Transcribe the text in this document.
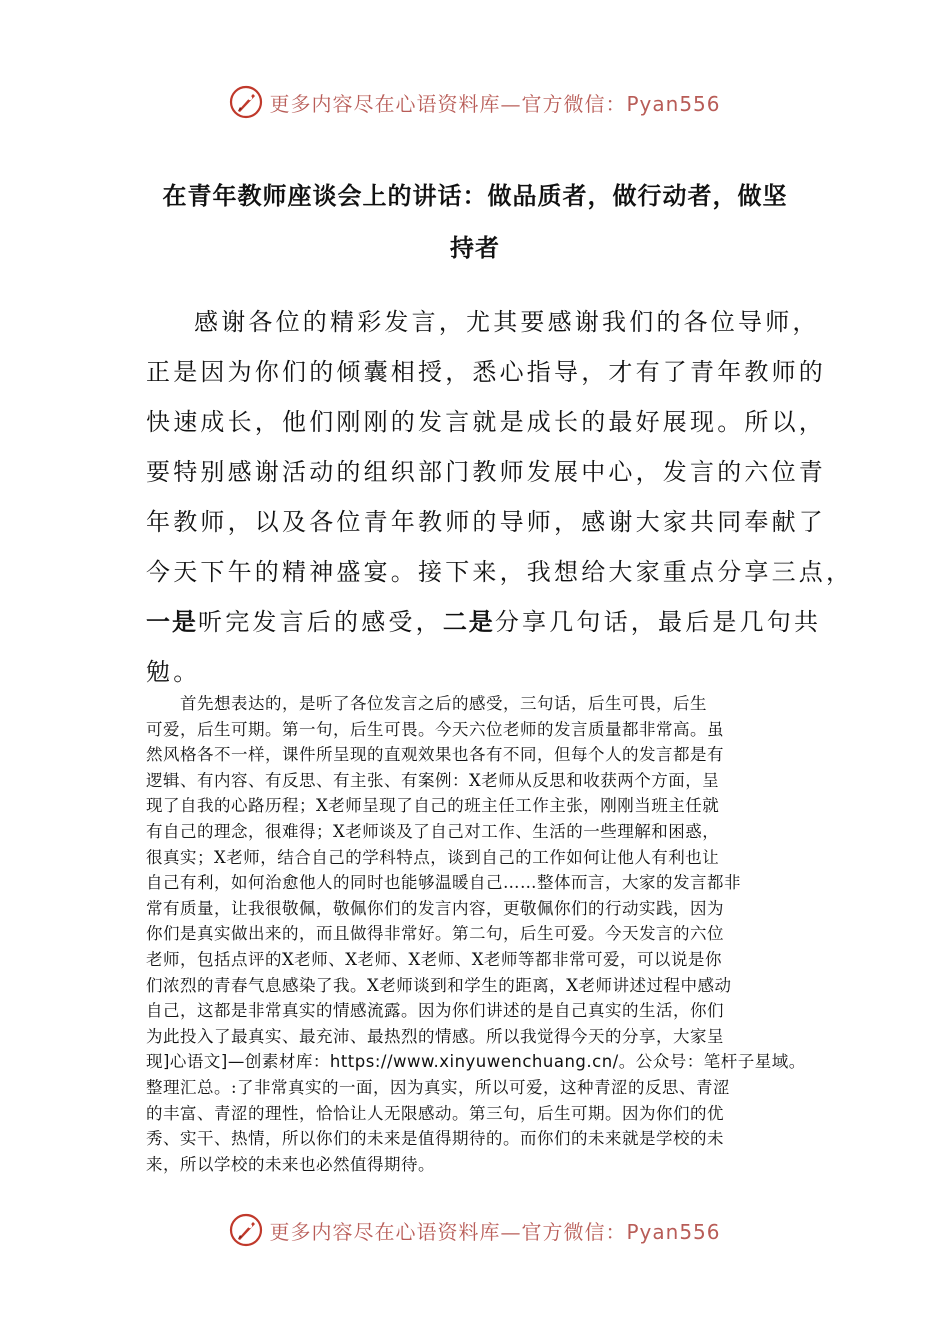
更多内容尽在心语资料库—官方微信：Pyan556
在青年教师座谈会上的讲话：做品质者，做行动者，做坚
持者
感谢各位的精彩发言，尤其要感谢我们的各位导师，
正是因为你们的倾囊相授，悉心指导，才有了青年教师的
快速成长，他们刚刚的发言就是成长的最好展现。所以，
要特别感谢活动的组织部门教师发展中心，发言的六位青
年教师，以及各位青年教师的导师，感谢大家共同奉献了
今天下午的精神盛宴。接下来，我想给大家重点分享三点，
一是听完发言后的感受，二是分享几句话，最后是几句共
勉。
首先想表达的，是听了各位发言之后的感受，三句话，后生可畏，后生
可爱，后生可期。第一句，后生可畏。今天六位老师的发言质量都非常高。虽
然风格各不一样，课件所呈现的直观效果也各有不同，但每个人的发言都是有
逻辑、有内容、有反思、有主张、有案例：X老师从反思和收获两个方面，呈
现了自我的心路历程；X老师呈现了自己的班主任工作主张，刚刚当班主任就
有自己的理念，很难得；X老师谈及了自己对工作、生活的一些理解和困惑，
很真实；X老师，结合自己的学科特点，谈到自己的工作如何让他人有利也让
自己有利，如何治愈他人的同时也能够温暖自己……整体而言，大家的发言都非
常有质量，让我很敬佩，敬佩你们的发言内容，更敬佩你们的行动实践，因为
你们是真实做出来的，而且做得非常好。第二句，后生可爱。今天发言的六位
老师，包括点评的X老师、X老师、X老师、X老师等都非常可爱，可以说是你
们浓烈的青春气息感染了我。X老师谈到和学生的距离，X老师讲述过程中感动
自己，这都是非常真实的情感流露。因为你们讲述的是自己真实的生活，你们
为此投入了最真实、最充沛、最热烈的情感。所以我觉得今天的分享，大家呈
现]心语文]—创素材库：https://www.xinyuwenchuang.cn/。公众号：笔杆子星域。
整理汇总。:了非常真实的一面，因为真实，所以可爱，这种青涩的反思、青涩
的丰富、青涩的理性，恰恰让人无限感动。第三句，后生可期。因为你们的优
秀、实干、热情，所以你们的未来是值得期待的。而你们的未来就是学校的未
来，所以学校的未来也必然值得期待。
更多内容尽在心语资料库—官方微信：Pyan556
